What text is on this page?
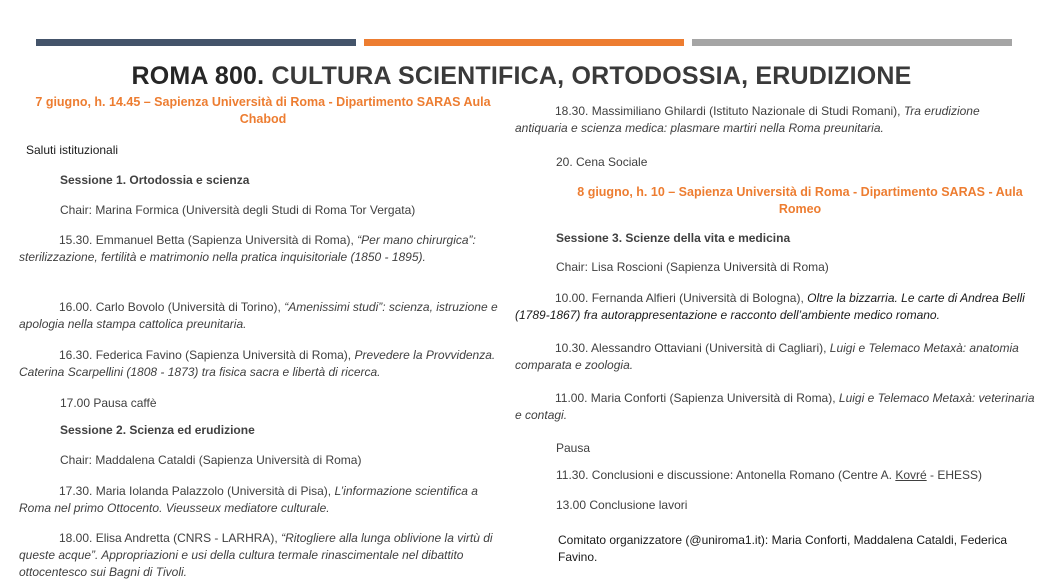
ROMA 800. CULTURA SCIENTIFICA, ORTODOSSIA, ERUDIZIONE
7 giugno, h. 14.45 – Sapienza Università di Roma - Dipartimento SARAS Aula Chabod
Saluti istituzionali
Sessione 1. Ortodossia e scienza
Chair: Marina Formica (Università degli Studi di Roma Tor Vergata)
15.30. Emmanuel Betta (Sapienza Università di Roma), “Per mano chirurgica”: sterilizzazione, fertilità e matrimonio nella pratica inquisitoriale (1850 - 1895).
16.00. Carlo Bovolo (Università di Torino), “Amenissimi studi”: scienza, istruzione e apologia nella stampa cattolica preunitaria.
16.30. Federica Favino (Sapienza Università di Roma), Prevedere la Provvidenza. Caterina Scarpellini (1808 - 1873) tra fisica sacra e libertà di ricerca.
17.00 Pausa caffè
Sessione 2. Scienza ed erudizione
Chair: Maddalena Cataldi (Sapienza Università di Roma)
17.30. Maria Iolanda Palazzolo (Università di Pisa), L’informazione scientifica a Roma nel primo Ottocento. Vieusseux mediatore culturale.
18.00. Elisa Andretta (CNRS - LARHRA), “Ritogliere alla lunga oblivione la virtù di queste acque”. Appropriazioni e usi della cultura termale rinascimentale nel dibattito ottocentesco sui Bagni di Tivoli.
18.30. Massimiliano Ghilardi (Istituto Nazionale di Studi Romani), Tra erudizione antiquaria e scienza medica: plasmare martiri nella Roma preunitaria.
20. Cena Sociale
8 giugno, h. 10 – Sapienza Università di Roma - Dipartimento SARAS - Aula Romeo
Sessione 3. Scienze della vita e medicina
Chair: Lisa Roscioni (Sapienza Università di Roma)
10.00. Fernanda Alfieri (Università di Bologna), Oltre la bizzarria. Le carte di Andrea Belli (1789-1867) fra autorappresentazione e racconto dell’ambiente medico romano.
10.30. Alessandro Ottaviani (Università di Cagliari), Luigi e Telemaco Metaxà: anatomia comparata e zoologia.
11.00. Maria Conforti (Sapienza Università di Roma), Luigi e Telemaco Metaxà: veterinaria e contagi.
Pausa
11.30. Conclusioni e discussione: Antonella Romano (Centre A. Kovré - EHESS)
13.00 Conclusione lavori
Comitato organizzatore (@uniroma1.it): Maria Conforti, Maddalena Cataldi, Federica Favino.
